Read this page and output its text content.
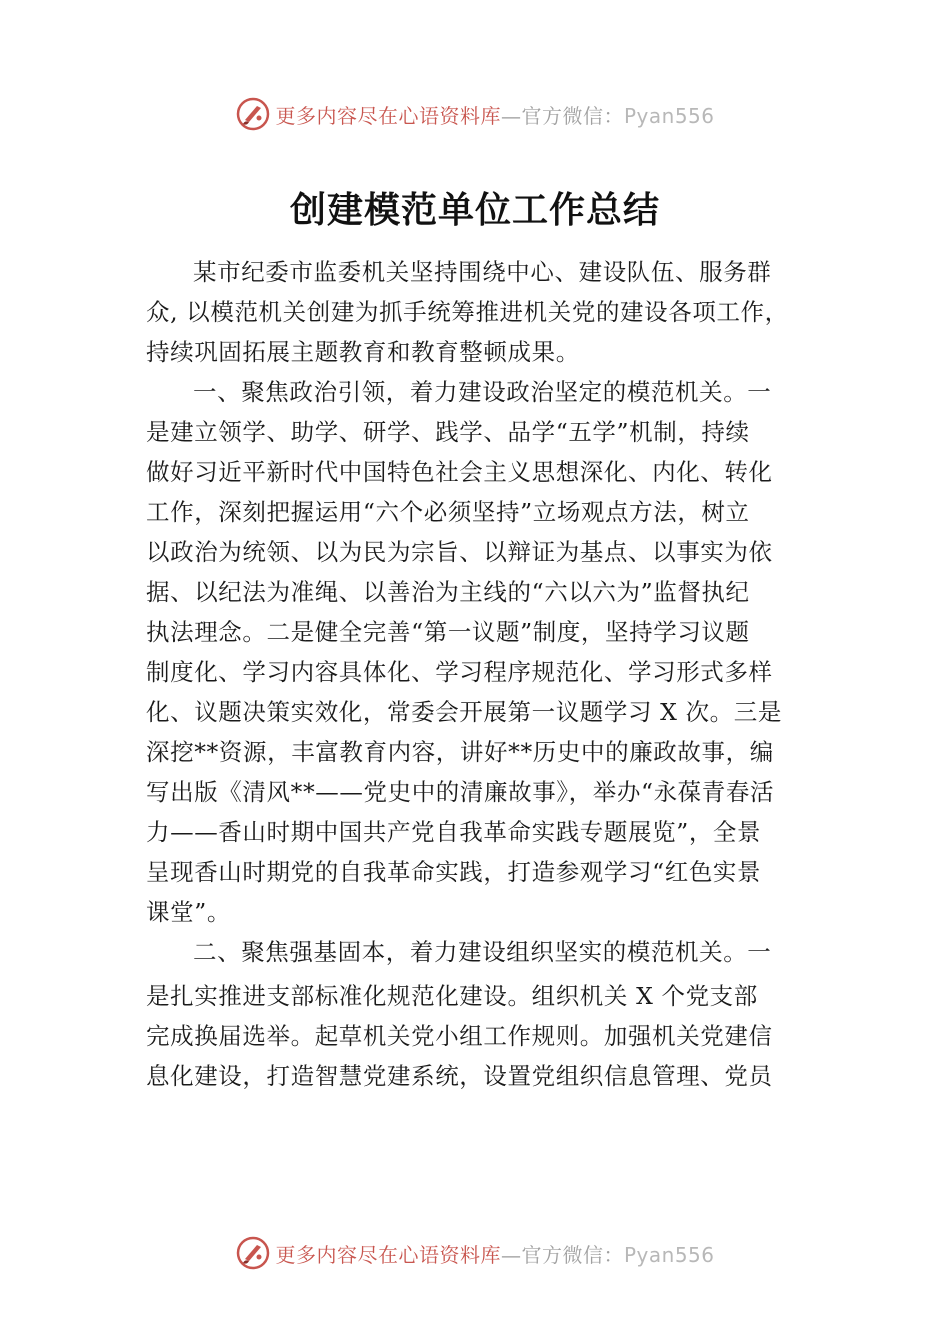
更多内容尽在心语资料库—官方微信：Pyan556
创建模范单位工作总结
某市纪委市监委机关坚持围绕中心、建设队伍、服务群
众, 以模范机关创建为抓手统筹推进机关党的建设各项工作，
持续巩固拓展主题教育和教育整顿成果。
一、聚焦政治引领，着力建设政治坚定的模范机关。一
是建立领学、助学、研学、践学、品学“五学”机制，持续
做好习近平新时代中国特色社会主义思想深化、内化、转化
工作，深刻把握运用“六个必须坚持”立场观点方法，树立
以政治为统领、以为民为宗旨、以辩证为基点、以事实为依
据、以纪法为准绳、以善治为主线的“六以六为”监督执纪
执法理念。二是健全完善“第一议题”制度，坚持学习议题
制度化、学习内容具体化、学习程序规范化、学习形式多样
化、议题决策实效化，常委会开展第一议题学习 X 次。三是
深挖**资源，丰富教育内容，讲好**历史中的廉政故事，编
写出版《清风**——党史中的清廉故事》，举办“永葆青春活
力——香山时期中国共产党自我革命实践专题展览”，全景
呈现香山时期党的自我革命实践，打造参观学习“红色实景
课堂”。
二、聚焦强基固本，着力建设组织坚实的模范机关。一
是扎实推进支部标准化规范化建设。组织机关 X 个党支部
完成换届选举。起草机关党小组工作规则。加强机关党建信
息化建设，打造智慧党建系统，设置党组织信息管理、党员
更多内容尽在心语资料库—官方微信：Pyan556
